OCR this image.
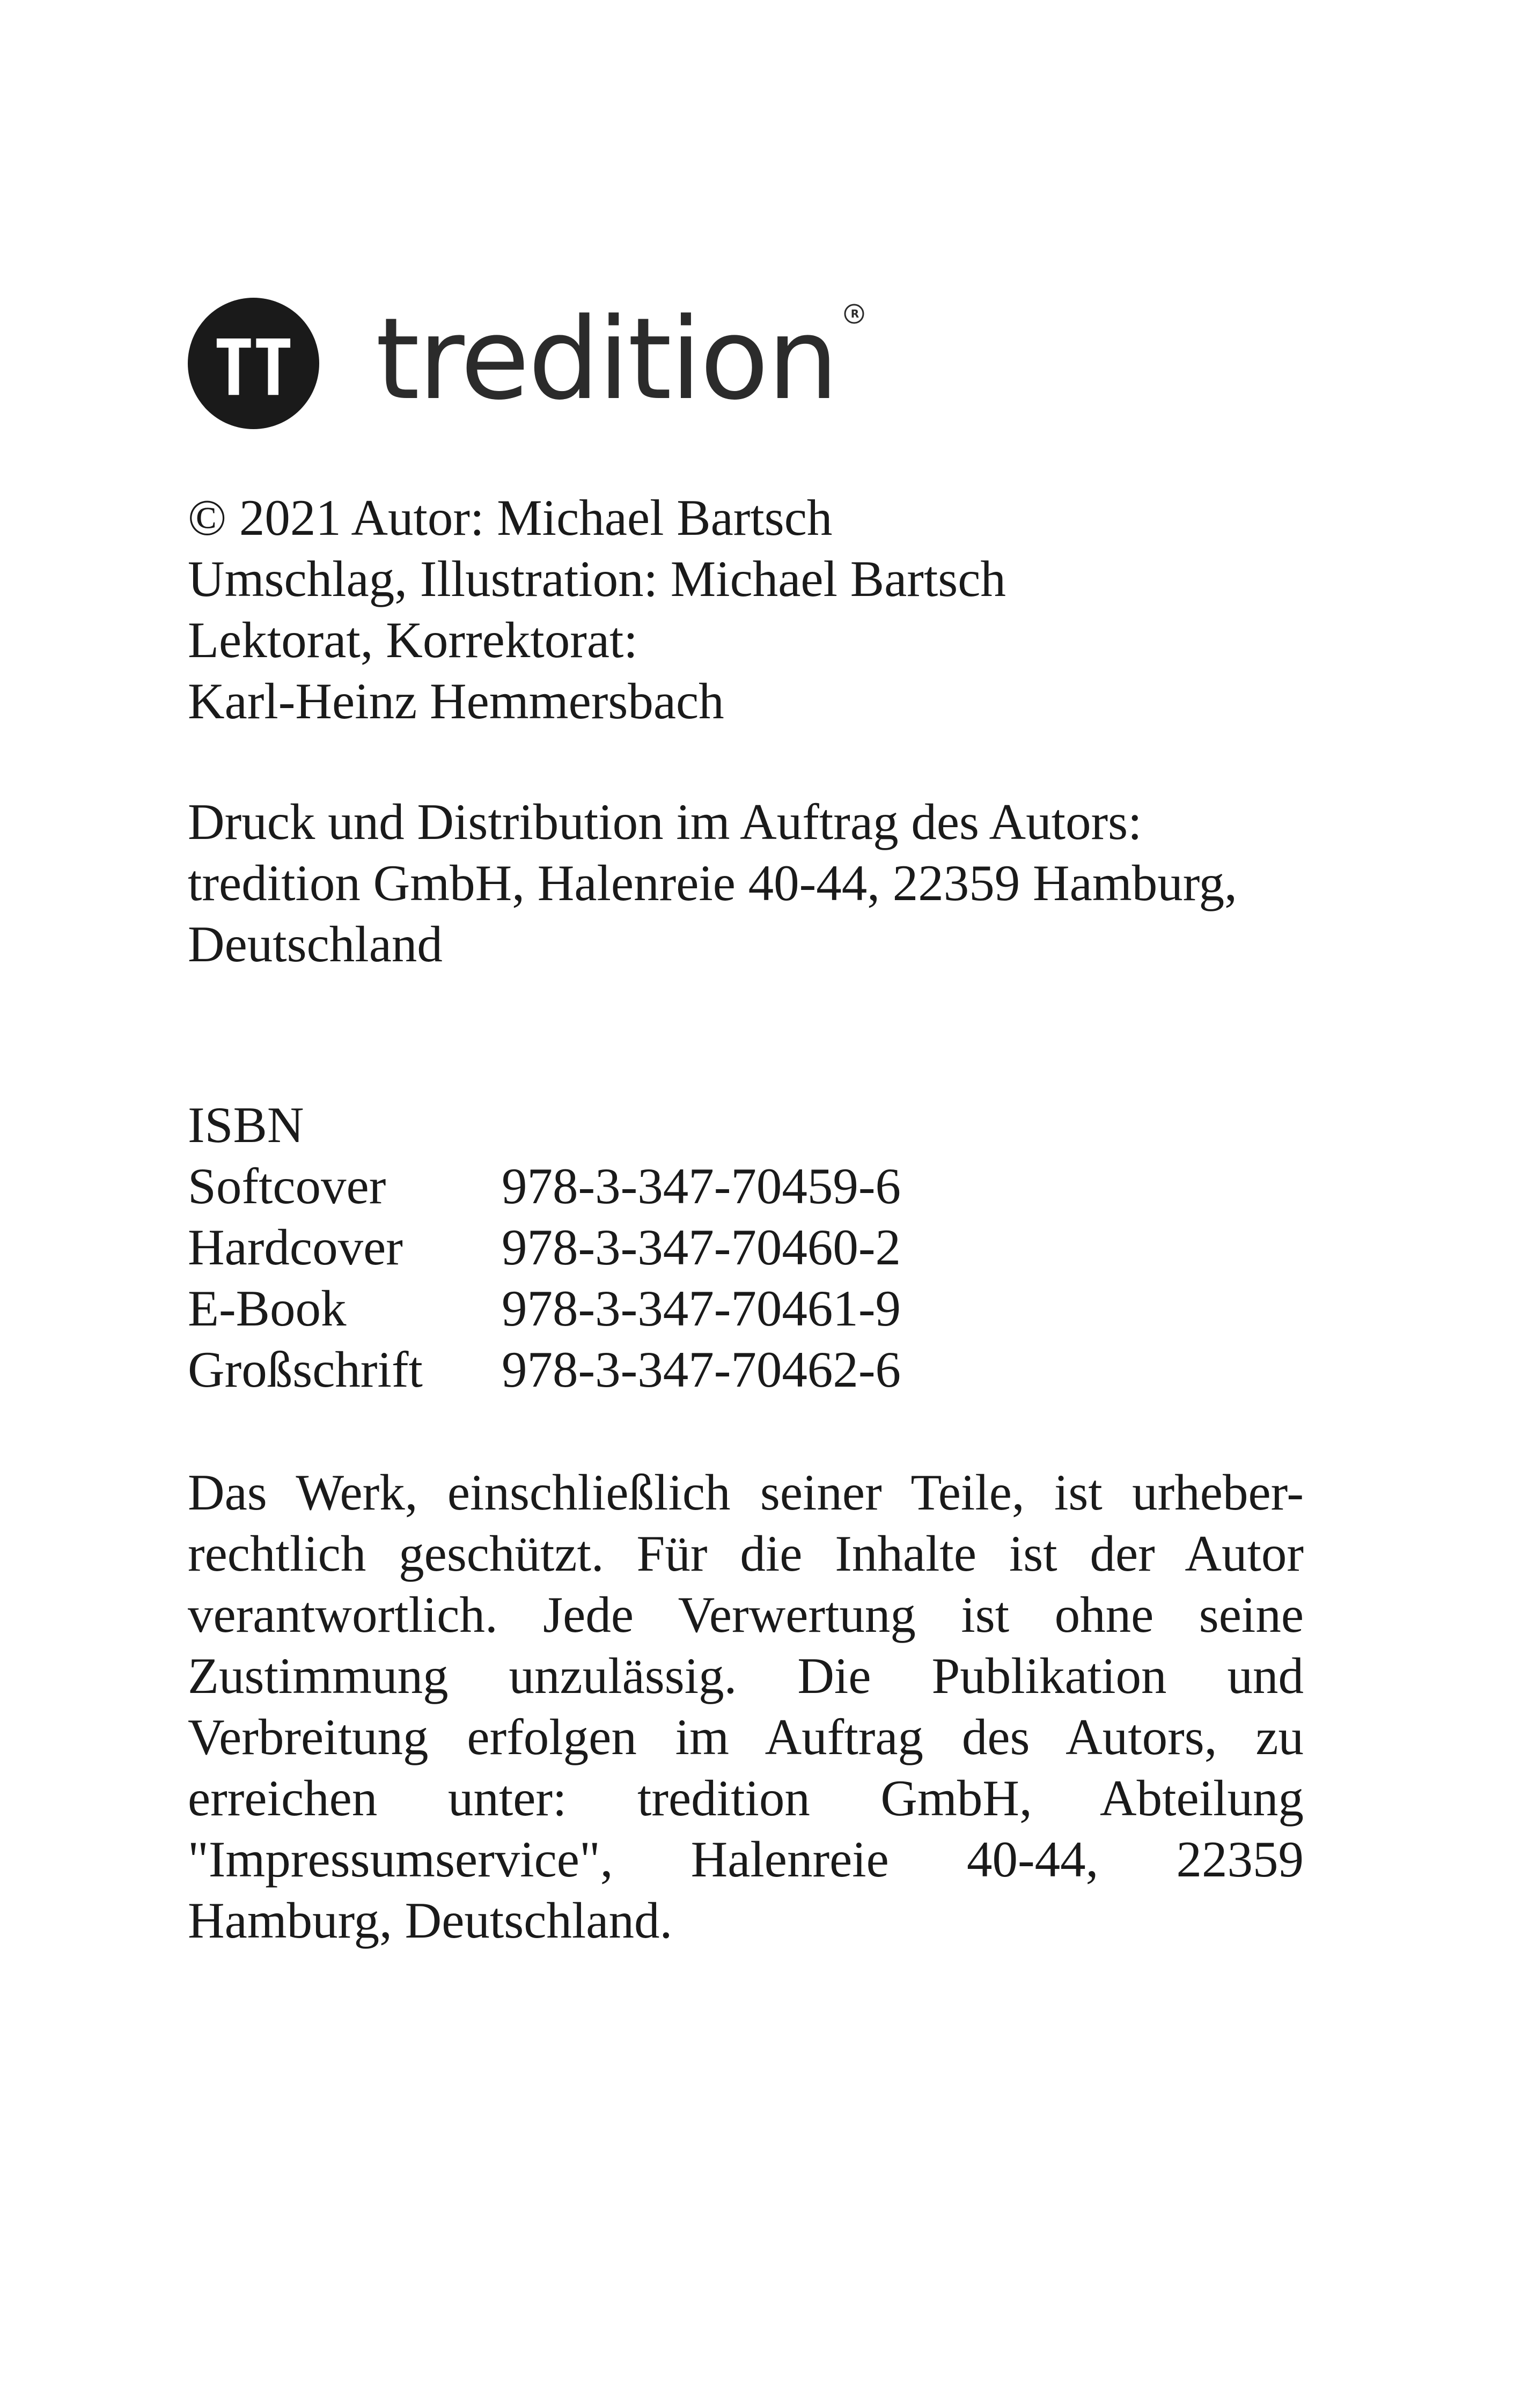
tredition R
© 2021 Autor: Michael Bartsch
Umschlag, Illustration: Michael Bartsch
Lektorat, Korrektorat:
Karl-Heinz Hemmersbach
Druck und Distribution im Auftrag des Autors:
tredition GmbH, Halenreie 40-44, 22359 Hamburg,
Deutschland
ISBN
Softcover	978-3-347-70459-6
Hardcover	978-3-347-70460-2
E-Book	978-3-347-70461-9
Großschrift	978-3-347-70462-6
Das Werk, einschließlich seiner Teile, ist urheber-
rechtlich geschützt. Für die Inhalte ist der Autor
verantwortlich. Jede Verwertung ist ohne seine
Zustimmung unzulässig. Die Publikation und
Verbreitung erfolgen im Auftrag des Autors, zu
erreichen unter: tredition GmbH, Abteilung
"Impressumservice", Halenreie 40-44, 22359
Hamburg, Deutschland.
